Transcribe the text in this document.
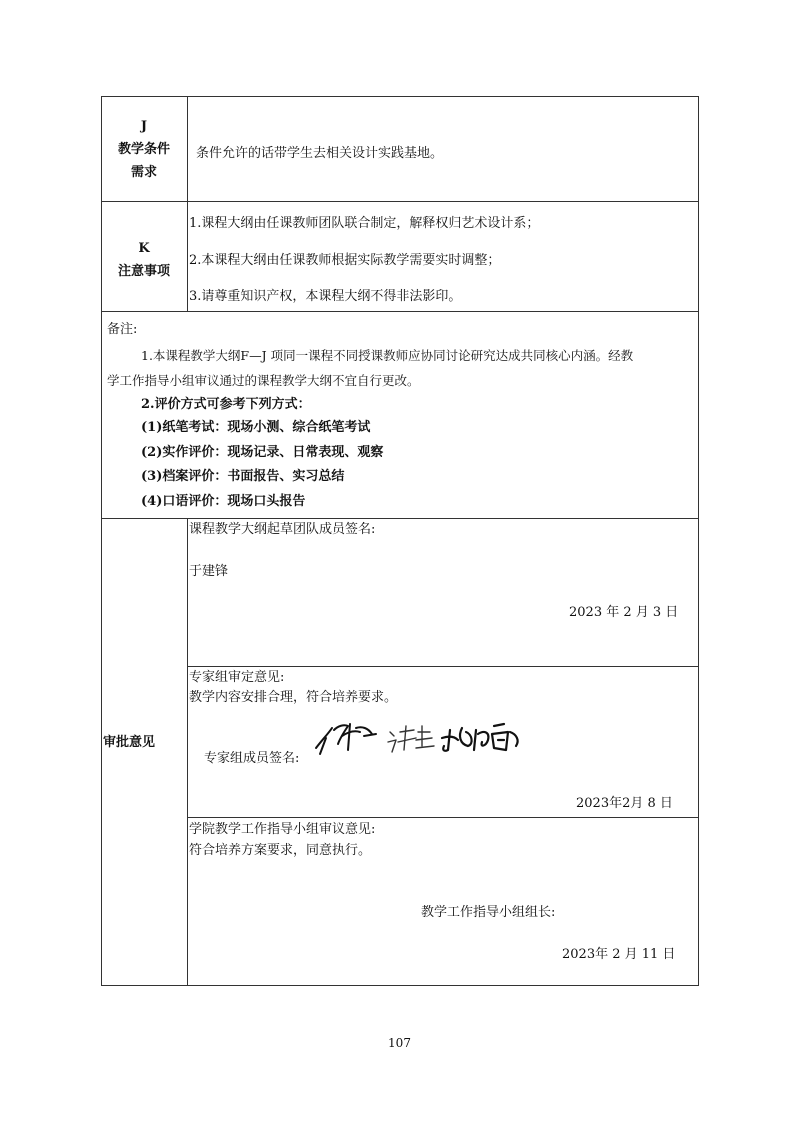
J
教学条件
需求
条件允许的话带学生去相关设计实践基地。
K
注意事项
1.课程大纲由任课教师团队联合制定，解释权归艺术设计系；
2.本课程大纲由任课教师根据实际教学需要实时调整；
3.请尊重知识产权，本课程大纲不得非法影印。
备注:
1.本课程教学大纲F—J 项同一课程不同授课教师应协同讨论研究达成共同核心内涵。经教
学工作指导小组审议通过的课程教学大纲不宜自行更改。
2.评价方式可参考下列方式：
(1)纸笔考试：现场小测、综合纸笔考试
(2)实作评价：现场记录、日常表现、观察
(3)档案评价：书面报告、实习总结
(4)口语评价：现场口头报告
审批意见
课程教学大纲起草团队成员签名:
于建锋
2023 年 2 月 3 日
专家组审定意见:
教学内容安排合理，符合培养要求。
专家组成员签名:
2023年2月 8 日
学院教学工作指导小组审议意见:
符合培养方案要求，同意执行。
教学工作指导小组组长:
2023年 2 月 11 日
107
